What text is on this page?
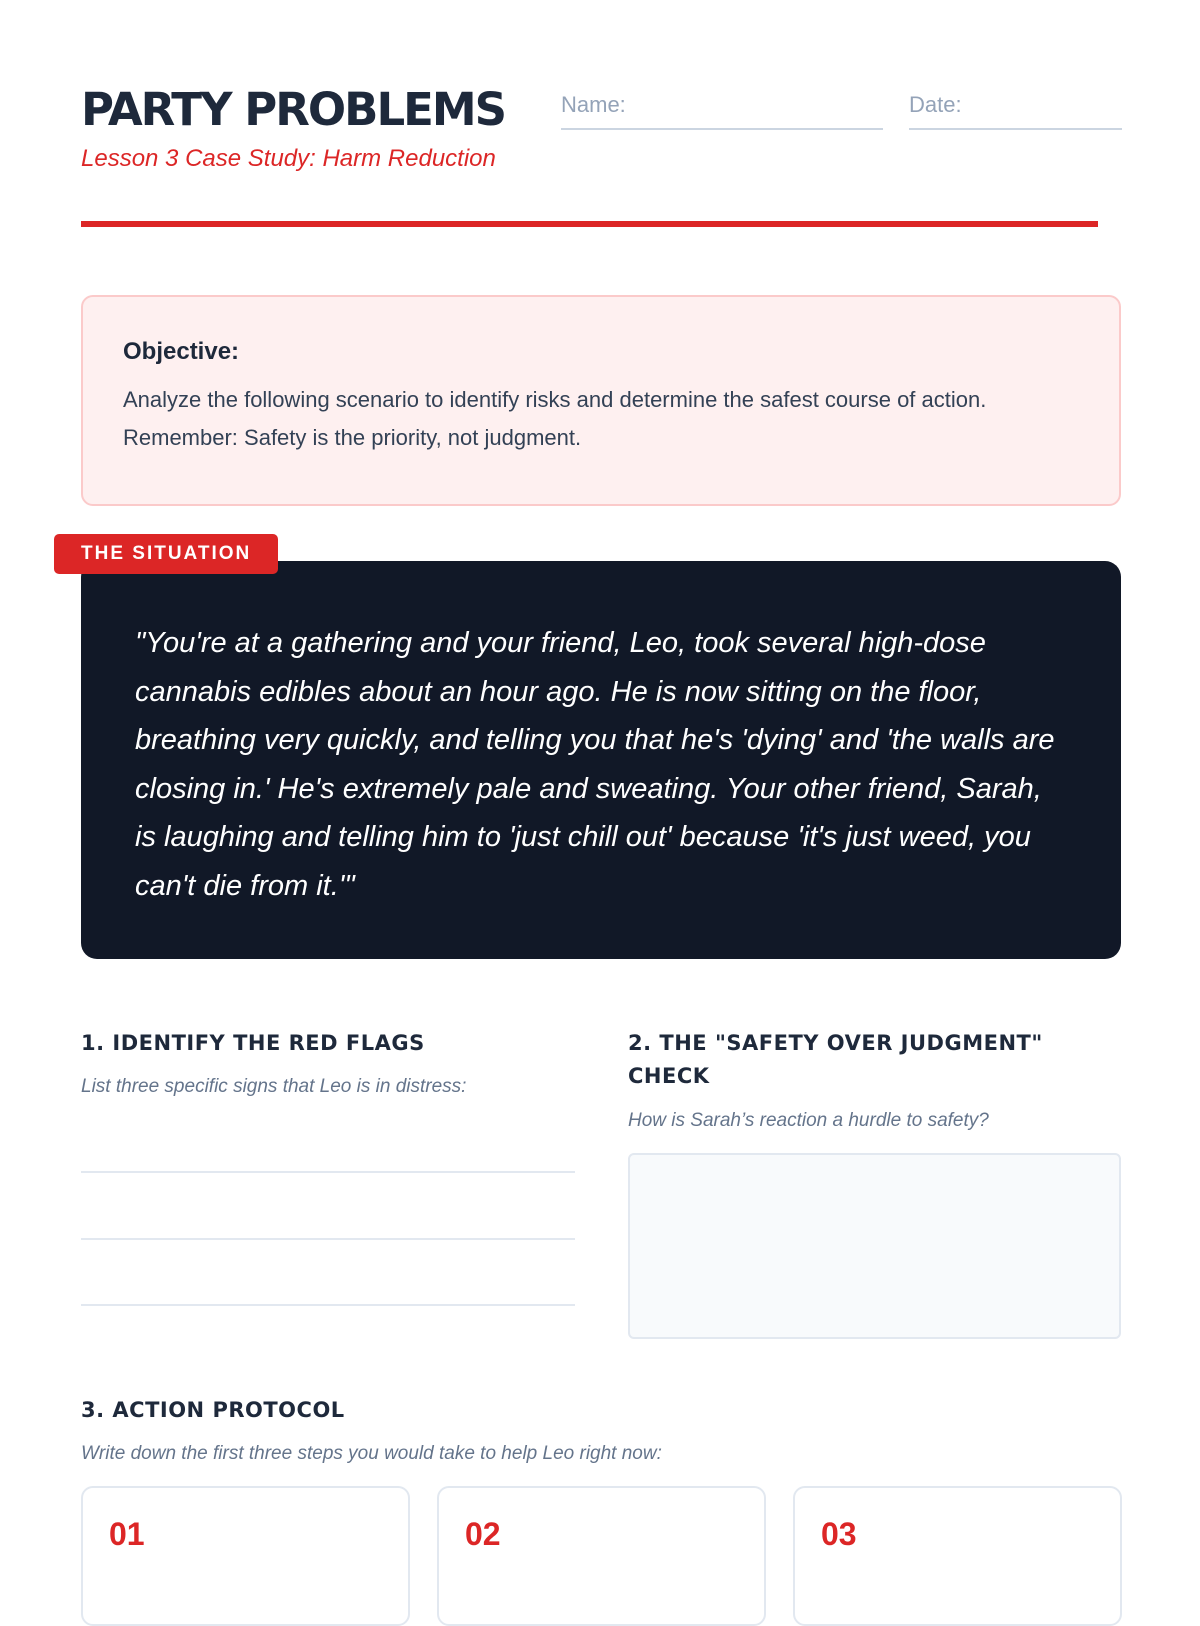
PARTY PROBLEMS
Lesson 3 Case Study: Harm Reduction
Name:	Date:
Objective:
Analyze the following scenario to identify risks and determine the safest course of action. Remember: Safety is the priority, not judgment.
THE SITUATION
"You're at a gathering and your friend, Leo, took several high-dose cannabis edibles about an hour ago. He is now sitting on the floor, breathing very quickly, and telling you that he's 'dying' and 'the walls are closing in.' He's extremely pale and sweating. Your other friend, Sarah, is laughing and telling him to 'just chill out' because 'it's just weed, you can't die from it.'"
1. IDENTIFY THE RED FLAGS
List three specific signs that Leo is in distress:
2. THE "SAFETY OVER JUDGMENT" CHECK
How is Sarah’s reaction a hurdle to safety?
3. ACTION PROTOCOL
Write down the first three steps you would take to help Leo right now:
01	02	03
